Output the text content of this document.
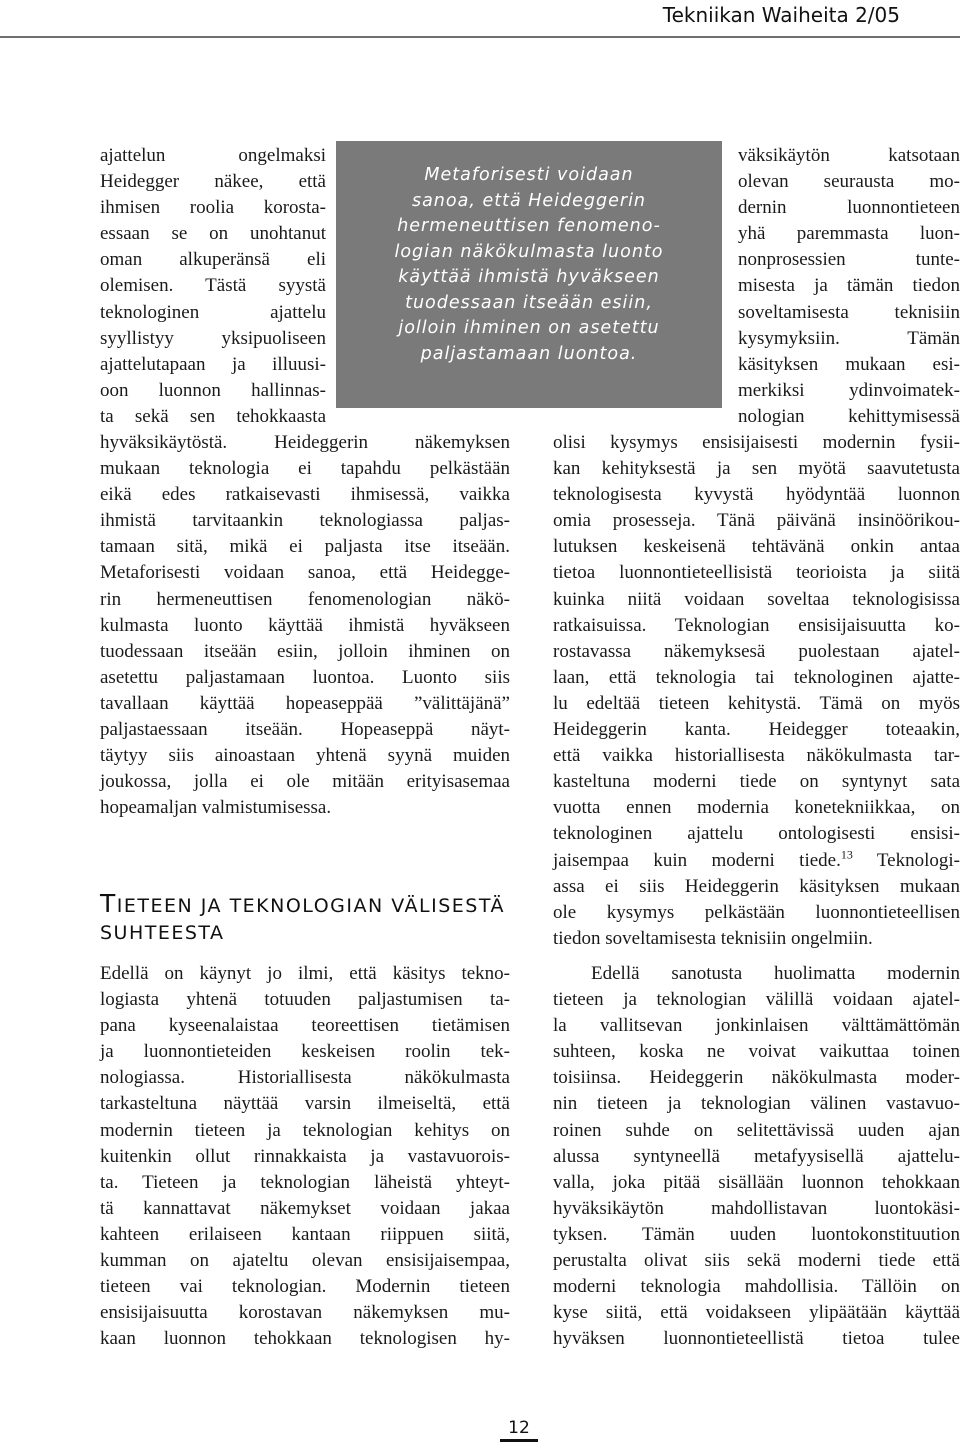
Tekniikan Waiheita 2/05
ajattelun ongelmaksi
Heidegger näkee, että
ihmisen roolia korosta-
essaan se on unohtanut
oman alkuperänsä eli
olemisen. Tästä syystä
teknologinen ajattelu
syyllistyy yksipuoliseen
ajattelutapaan ja illuusi-
oon luonnon hallinnas-
ta sekä sen tehokkaasta
hyväksikäytöstä. Heideggerin näkemyksen
mukaan teknologia ei tapahdu pelkästään
eikä edes ratkaisevasti ihmisessä, vaikka
ihmistä tarvitaankin teknologiassa paljas-
tamaan sitä, mikä ei paljasta itse itseään.
Metaforisesti voidaan sanoa, että Heidegge-
rin hermeneuttisen fenomenologian näkö-
kulmasta luonto käyttää ihmistä hyväkseen
tuodessaan itseään esiin, jolloin ihminen on
asetettu paljastamaan luontoa. Luonto siis
tavallaan käyttää hopeaseppää ”välittäjänä”
paljastaessaan itseään. Hopeaseppä näyt-
täytyy siis ainoastaan yhtenä syynä muiden
joukossa, jolla ei ole mitään erityisasemaa
hopeamaljan valmistumisessa.
TIETEEN JA TEKNOLOGIAN VÄLISESTÄ
SUHTEESTA
Edellä on käynyt jo ilmi, että käsitys tekno-
logiasta yhtenä totuuden paljastumisen ta-
pana kyseenalaistaa teoreettisen tietämisen
ja luonnontieteiden keskeisen roolin tek-
nologiassa. Historiallisesta näkökulmasta
tarkasteltuna näyttää varsin ilmeiseltä, että
modernin tieteen ja teknologian kehitys on
kuitenkin ollut rinnakkaista ja vastavuorois-
ta. Tieteen ja teknologian läheistä yhteyt-
tä kannattavat näkemykset voidaan jakaa
kahteen erilaiseen kantaan riippuen siitä,
kumman on ajateltu olevan ensisijaisempaa,
tieteen vai teknologian. Modernin tieteen
ensisijaisuutta korostavan näkemyksen mu-
kaan luonnon tehokkaan teknologisen hy-
Metaforisesti voidaan
sanoa, että Heideggerin
hermeneuttisen fenomeno-
logian näkökulmasta luonto
käyttää ihmistä hyväkseen
tuodessaan itseään esiin,
jolloin ihminen on asetettu
paljastamaan luontoa.
väksikäytön katsotaan
olevan seurausta mo-
dernin luonnontieteen
yhä paremmasta luon-
nonprosessien tunte-
misesta ja tämän tiedon
soveltamisesta teknisiin
kysymyksiin. Tämän
käsityksen mukaan esi-
merkiksi ydinvoimatek-
nologian kehittymisessä
olisi kysymys ensisijaisesti modernin fysii-
kan kehityksestä ja sen myötä saavutetusta
teknologisesta kyvystä hyödyntää luonnon
omia prosesseja. Tänä päivänä insinöörikou-
lutuksen keskeisenä tehtävänä onkin antaa
tietoa luonnontieteellisistä teorioista ja siitä
kuinka niitä voidaan soveltaa teknologisissa
ratkaisuissa. Teknologian ensisijaisuutta ko-
rostavassa näkemyksesä puolestaan ajatel-
laan, että teknologia tai teknologinen ajatte-
lu edeltää tieteen kehitystä. Tämä on myös
Heideggerin kanta. Heidegger toteaakin,
että vaikka historiallisesta näkökulmasta tar-
kasteltuna moderni tiede on syntynyt sata
vuotta ennen modernia konetekniikkaa, on
teknologinen ajattelu ontologisesti ensisi-
jaisempaa kuin moderni tiede.$^{13}$ Teknologi-
assa ei siis Heideggerin käsityksen mukaan
ole kysymys pelkästään luonnontieteellisen
tiedon soveltamisesta teknisiin ongelmiin.
Edellä sanotusta huolimatta modernin
tieteen ja teknologian välillä voidaan ajatel-
la vallitsevan jonkinlaisen välttämättömän
suhteen, koska ne voivat vaikuttaa toinen
toisiinsa. Heideggerin näkökulmasta moder-
nin tieteen ja teknologian välinen vastavuo-
roinen suhde on selitettävissä uuden ajan
alussa syntyneellä metafyysisellä ajattelu-
valla, joka pitää sisällään luonnon tehokkaan
hyväksikäytön mahdollistavan luontokäsi-
tyksen. Tämän uuden luontokonstituution
perustalta olivat siis sekä moderni tiede että
moderni teknologia mahdollisia. Tällöin on
kyse siitä, että voidakseen ylipäätään käyttää
hyväksen luonnontieteellistä tietoa tulee
12
